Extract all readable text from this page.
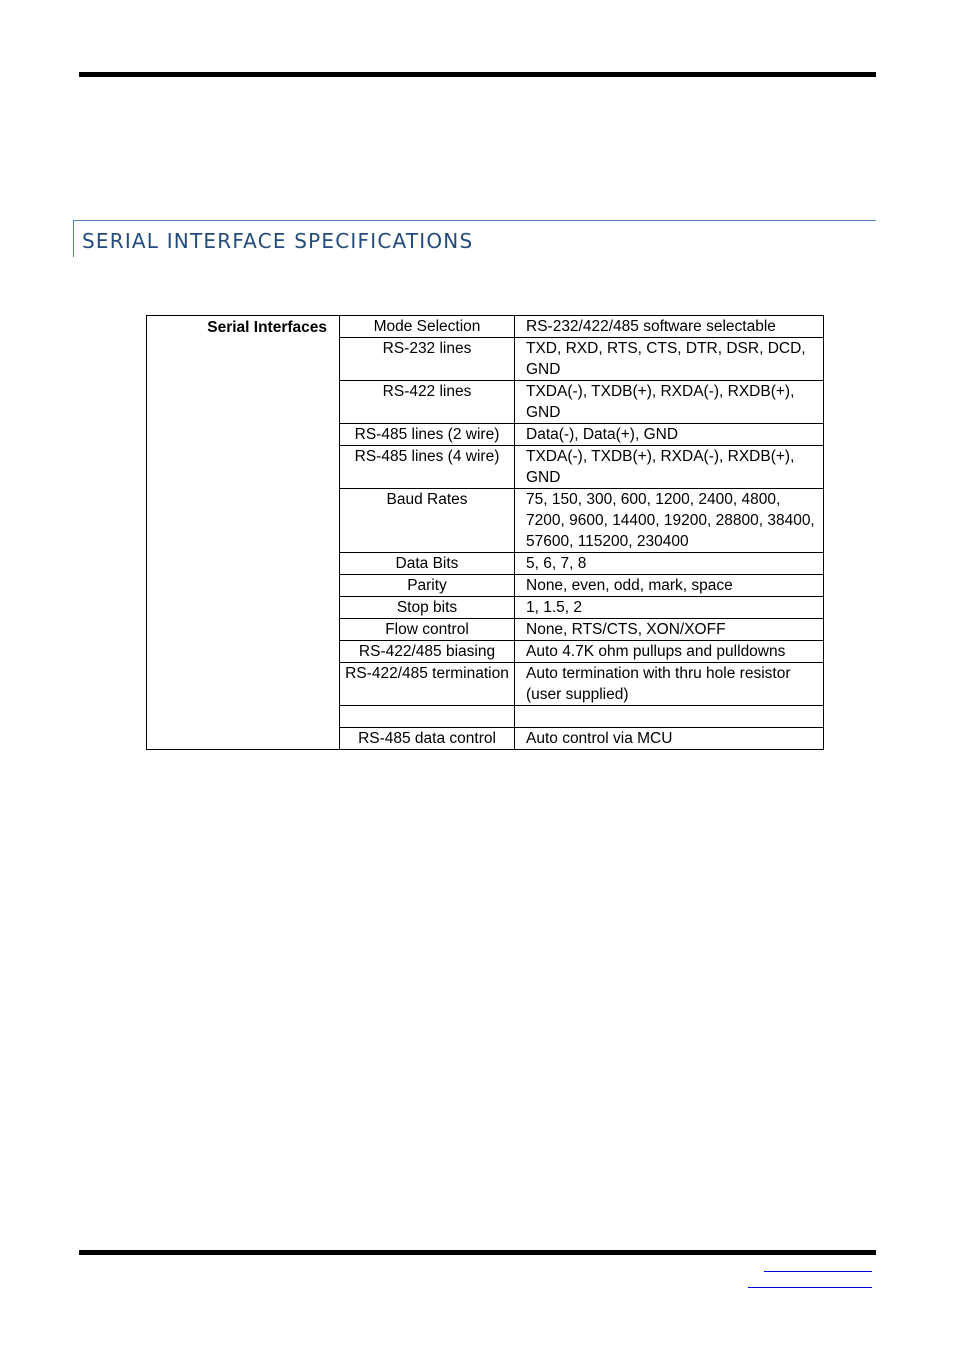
SERIAL INTERFACE SPECIFICATIONS
Serial Interfaces	Mode Selection	RS-232/422/485 software selectable
	RS-232 lines	TXD, RXD, RTS, CTS, DTR, DSR, DCD, GND
	RS-422 lines	TXDA(-), TXDB(+), RXDA(-), RXDB(+), GND
	RS-485 lines (2 wire)	Data(-), Data(+), GND
	RS-485 lines (4 wire)	TXDA(-), TXDB(+), RXDA(-), RXDB(+), GND
	Baud Rates	75, 150, 300, 600, 1200, 2400, 4800, 7200, 9600, 14400, 19200, 28800, 38400, 57600, 115200, 230400
	Data Bits	5, 6, 7, 8
	Parity	None, even, odd, mark, space
	Stop bits	1, 1.5, 2
	Flow control	None, RTS/CTS, XON/XOFF
	RS-422/485 biasing	Auto 4.7K ohm pullups and pulldowns
	RS-422/485 termination	Auto termination with thru hole resistor (user supplied)

	RS-485 data control	Auto control via MCU
